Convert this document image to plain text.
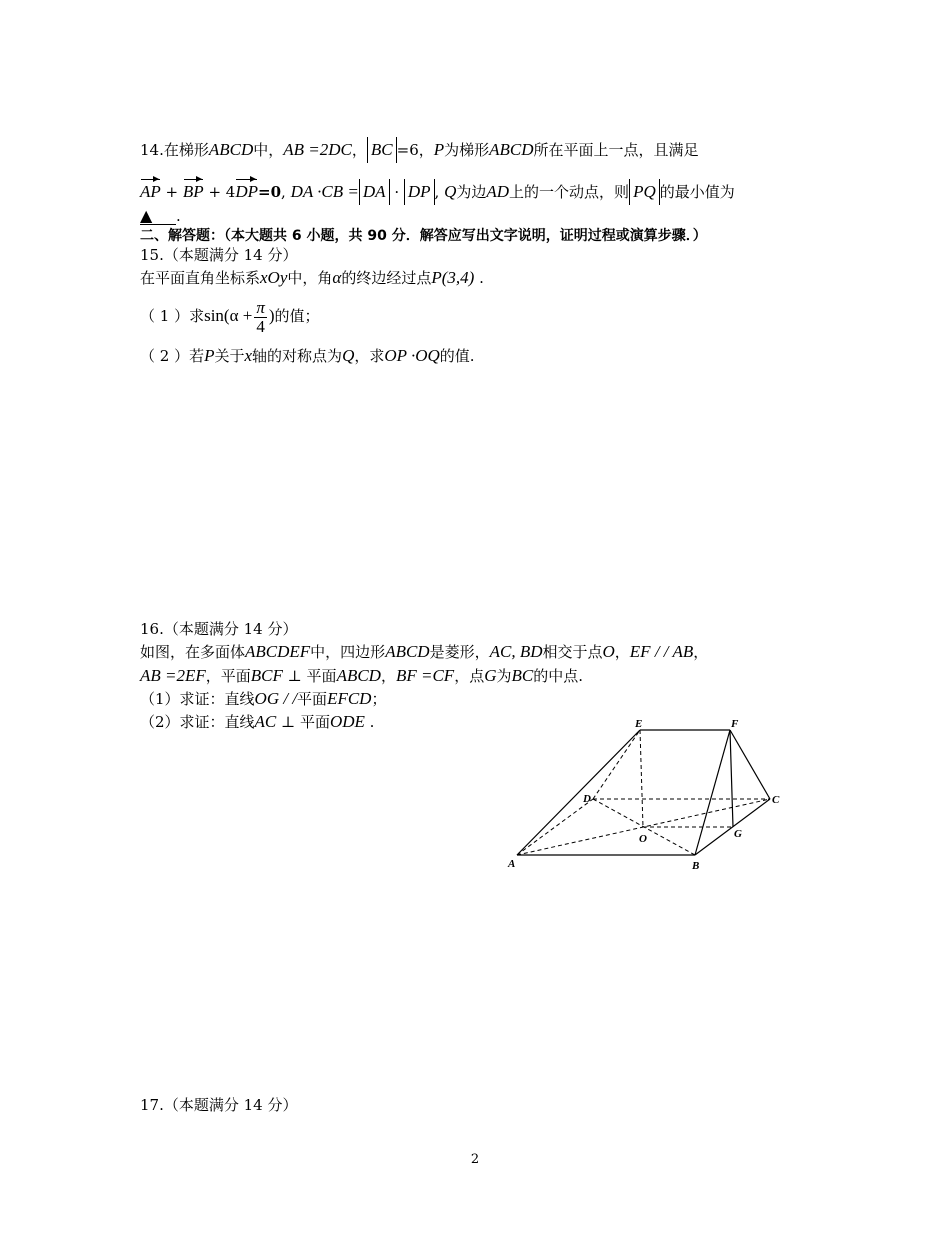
14.在梯形ABCD中，AB =2DC， BC =6，P为梯形ABCD所在平面上一点，且满足
AP + BP + 4DP=0, DA ·CB = DA · DP , Q为边AD上的一个动点，则 PQ 的最小值为
▲ .
二、解答题：（本大题共 6 小题，共 90 分．解答应写出文字说明，证明过程或演算步骤．）
15.（本题满分 14 分）
在平面直角坐标系xOy中，角α的终边经过点P(3,4) .
（ 1 ）求$\sin(\alpha + \frac{\pi}{4}$ )的值；
（ 2 ）若P关于x轴的对称点为Q，求OP ·OQ的值.
16.（本题满分 14 分）
如图，在多面体ABCDEF中，四边形ABCD是菱形，AC, BD相交于点O，EF / / AB，
AB =2EF，平面BCF ⊥ 平面ABCD，BF =CF，点G为BC的中点.
（1）求证：直线OG / /平面EFCD；
（2）求证：直线AC ⊥ 平面ODE .
A	B
C
D
E	F
G
O
17.（本题满分 14 分）
2
